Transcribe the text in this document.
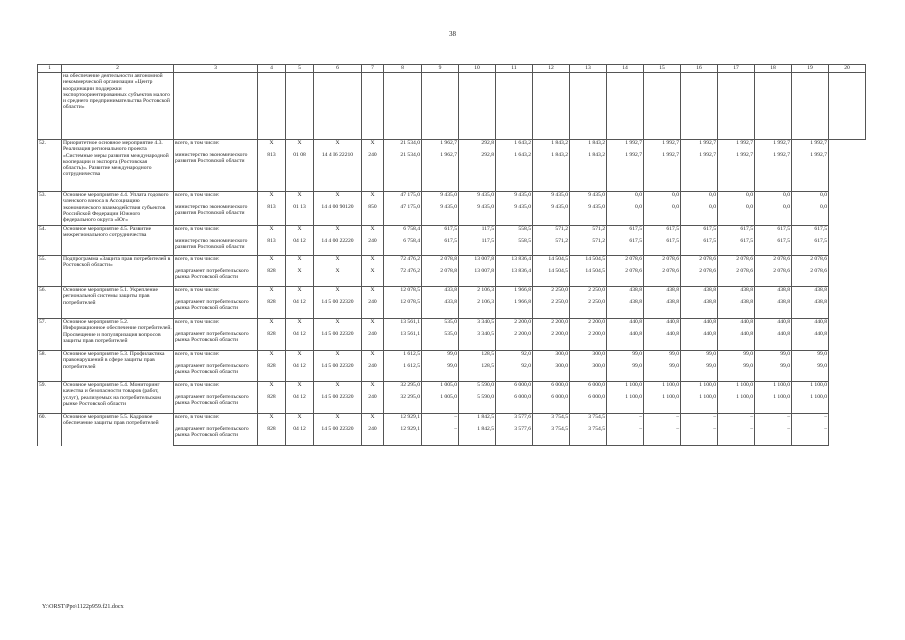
38
1	2	3	4	5	6	7	8	9	10	11	12	13	14	15	16	17	18	19	20
	на обеспечение деятельности автономной некоммерческой организации «Центр координации поддержки экспортоориентированных субъектов малого и среднего предпринимательства Ростовской области»																		
52.	Приоритетное основное мероприятие 4.3. Реализация регионального проекта «Системные меры развития международной кооперации и экспорта (Ростовская область)». Развитие международного сотрудничества	всего, в том числе:	X	X	X	X	21 534,0	1 962,7	292,8	1 643,2	1 843,2	1 843,2	1 992,7	1 992,7	1 992,7	1 992,7	1 992,7	1 992,7	
		министерство экономического развития Ростовской области	813	01 08	14 4 I6 22210	240	21 534,0	1 962,7	292,8	1 643,2	1 843,2	1 843,2	1 992,7	1 992,7	1 992,7	1 992,7	1 992,7	1 992,7	
53.	Основное мероприятие 4.4. Уплата годового членского взноса в Ассоциацию экономического взаимодействия субъектов Российской Федерации Южного федерального округа «Юг»	всего, в том числе:	X	X	X	X	47 175,0	9 435,0	9 435,0	9 435,0	9 435,0	9 435,0	0,0	0,0	0,0	0,0	0,0	0,0	
		министерство экономического развития Ростовской области	813	01 13	14 4 00 90120	850	47 175,0	9 435,0	9 435,0	9 435,0	9 435,0	9 435,0	0,0	0,0	0,0	0,0	0,0	0,0	
54.	Основное мероприятие 4.5. Развитие межрегионального сотрудничества	всего, в том числе:	X	X	X	X	6 758,4	617,5	117,5	558,5	571,2	571,2	617,5	617,5	617,5	617,5	617,5	617,5	
		министерство экономического развития Ростовской области	813	04 12	14 4 00 22220	240	6 758,4	617,5	117,5	558,5	571,2	571,2	617,5	617,5	617,5	617,5	617,5	617,5	
55.	Подпрограмма «Защита прав потребителей в Ростовской области»	всего, в том числе:	X	X	X	X	72 476,2	2 078,8	13 007,8	13 836,4	14 504,5	14 504,5	2 078,6	2 078,6	2 078,6	2 078,6	2 078,6	2 078,6	
		департамент потребительского рынка Ростовской области	828	X	X	X	72 476,2	2 078,8	13 007,8	13 836,4	14 504,5	14 504,5	2 078,6	2 078,6	2 078,6	2 078,6	2 078,6	2 078,6	
56.	Основное мероприятие 5.1. Укрепление региональной системы защиты прав потребителей	всего, в том числе:	X	X	X	X	12 078,5	433,8	2 106,3	1 966,8	2 250,0	2 250,0	438,8	438,8	438,8	438,8	438,8	438,8	
		департамент потребительского рынка Ростовской области	828	04 12	14 5 00 22320	240	12 078,5	433,8	2 106,3	1 966,8	2 250,0	2 250,0	438,8	438,8	438,8	438,8	438,8	438,8	
57.	Основное мероприятие 5.2. Информационное обеспечение потребителей. Просвещение и популяризация вопросов защиты прав потребителей	всего, в том числе:	X	X	X	X	13 561,1	535,0	3 340,5	2 200,0	2 200,0	2 200,0	440,8	440,8	440,8	440,8	440,8	440,8	
		департамент потребительского рынка Ростовской области	828	04 12	14 5 00 22320	240	13 561,1	535,0	3 340,5	2 200,0	2 200,0	2 200,0	440,8	440,8	440,8	440,8	440,8	440,8	
58.	Основное мероприятие 5.3. Профилактика правонарушений в сфере защиты прав потребителей	всего, в том числе:	X	X	X	X	1 612,5	99,0	128,5	92,0	300,0	300,0	99,0	99,0	99,0	99,0	99,0	99,0	
		департамент потребительского рынка Ростовской области	828	04 12	14 5 00 22320	240	1 612,5	99,0	128,5	92,0	300,0	300,0	99,0	99,0	99,0	99,0	99,0	99,0	
59.	Основное мероприятие 5.4. Мониторинг качества и безопасности товаров (работ, услуг), реализуемых на потребительском рынке Ростовской области	всего, в том числе:	X	X	X	X	32 295,0	1 005,0	5 590,0	6 000,0	6 000,0	6 000,0	1 100,0	1 100,0	1 100,0	1 100,0	1 100,0	1 100,0	
		департамент потребительского рынка Ростовской области	828	04 12	14 5 00 22320	240	32 295,0	1 005,0	5 590,0	6 000,0	6 000,0	6 000,0	1 100,0	1 100,0	1 100,0	1 100,0	1 100,0	1 100,0	
60.	Основное мероприятие 5.5. Кадровое обеспечение защиты прав потребителей	всего, в том числе:	X	X	X	X	12 929,1	–	1 842,5	3 577,6	3 754,5	3 754,5	–	–	–	–	–	–	
		департамент потребительского рынка Ростовской области	828	04 12	14 5 00 22320	240	12 929,1	–	1 842,5	3 577,6	3 754,5	3 754,5	–	–	–	–	–	–	
Y:\ORST\Ppo\1122p959.f21.docx
